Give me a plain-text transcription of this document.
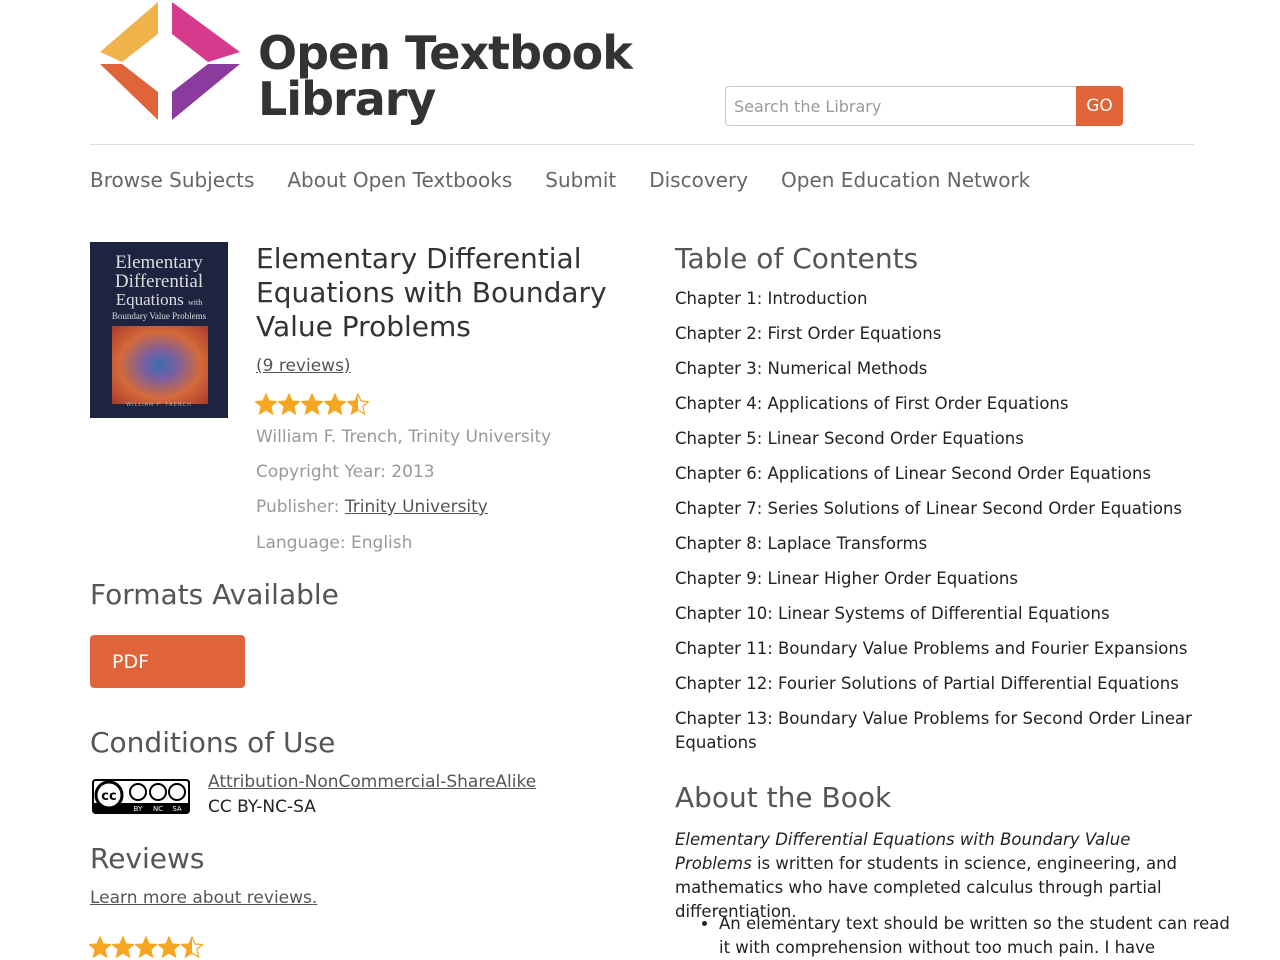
Open Textbook
Library
Search the Library	GO
Browse Subjects About Open Textbooks Submit Discovery Open Education Network
Elementary
Differential
Equations with
Boundary Value Problems
WILLIAM F. TRENCH
Elementary Differential Equations with Boundary Value Problems
(9 reviews)
William F. Trench, Trinity University
Copyright Year: 2013
Publisher: Trinity University
Language: English
Formats Available
PDF
Conditions of Use
cc
BY NC SA
Attribution-NonCommercial-ShareAlike
CC BY-NC-SA
Reviews
Learn more about reviews.
Table of Contents
Chapter 1: Introduction
Chapter 2: First Order Equations
Chapter 3: Numerical Methods
Chapter 4: Applications of First Order Equations
Chapter 5: Linear Second Order Equations
Chapter 6: Applications of Linear Second Order Equations
Chapter 7: Series Solutions of Linear Second Order Equations
Chapter 8: Laplace Transforms
Chapter 9: Linear Higher Order Equations
Chapter 10: Linear Systems of Differential Equations
Chapter 11: Boundary Value Problems and Fourier Expansions
Chapter 12: Fourier Solutions of Partial Differential Equations
Chapter 13: Boundary Value Problems for Second Order Linear Equations
About the Book

Elementary Differential Equations with Boundary Value Problems is written for students in science, engineering, and mathematics who have completed calculus through partial differentiation.

• An elementary text should be written so the student can read it with comprehension without too much pain. I have
